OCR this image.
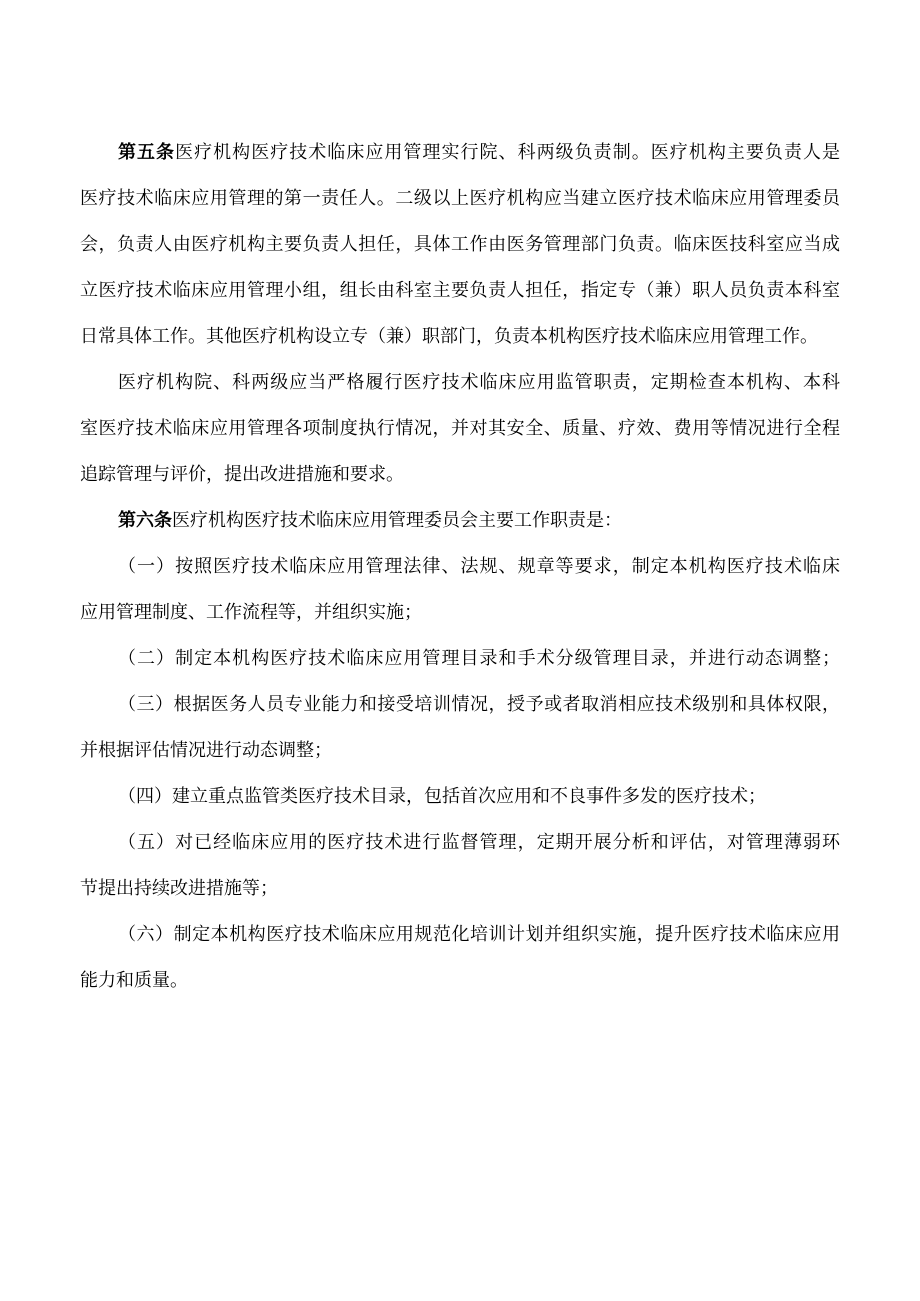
第五条医疗机构医疗技术临床应用管理实行院、科两级负责制。医疗机构主要负责人是
医疗技术临床应用管理的第一责任人。二级以上医疗机构应当建立医疗技术临床应用管理委员
会，负责人由医疗机构主要负责人担任，具体工作由医务管理部门负责。临床医技科室应当成
立医疗技术临床应用管理小组，组长由科室主要负责人担任，指定专（兼）职人员负责本科室
日常具体工作。其他医疗机构设立专（兼）职部门，负责本机构医疗技术临床应用管理工作。
医疗机构院、科两级应当严格履行医疗技术临床应用监管职责，定期检查本机构、本科
室医疗技术临床应用管理各项制度执行情况，并对其安全、质量、疗效、费用等情况进行全程
追踪管理与评价，提出改进措施和要求。
第六条医疗机构医疗技术临床应用管理委员会主要工作职责是：
（一）按照医疗技术临床应用管理法律、法规、规章等要求，制定本机构医疗技术临床
应用管理制度、工作流程等，并组织实施；
（二）制定本机构医疗技术临床应用管理目录和手术分级管理目录，并进行动态调整；
（三）根据医务人员专业能力和接受培训情况，授予或者取消相应技术级别和具体权限，
并根据评估情况进行动态调整；
（四）建立重点监管类医疗技术目录，包括首次应用和不良事件多发的医疗技术；
（五）对已经临床应用的医疗技术进行监督管理，定期开展分析和评估，对管理薄弱环
节提出持续改进措施等；
（六）制定本机构医疗技术临床应用规范化培训计划并组织实施，提升医疗技术临床应用
能力和质量。
